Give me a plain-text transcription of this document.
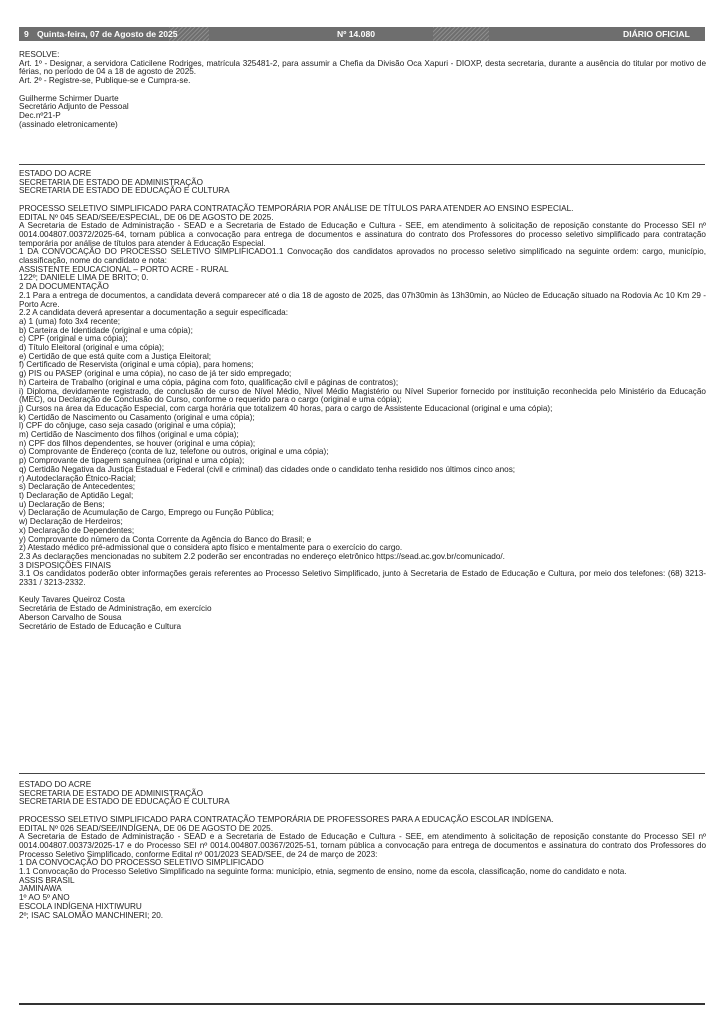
9 Quinta-feira, 07 de Agosto de 2025	Nº 14.080	DIÁRIO OFICIAL

RESOLVE:

Art. 1º - Designar, a servidora Caticilene Rodriges, matrícula 325481-2, para assumir a Chefia da Divisão Oca Xapuri - DIOXP, desta secretaria, durante a ausência do titular por motivo de férias, no período de 04 a 18 de agosto de 2025.

Art. 2º - Registre-se, Publique-se e Cumpra-se.

Guilherme Schirmer Duarte

Secretário Adjunto de Pessoal

Dec.nº21-P

(assinado eletronicamente)

ESTADO DO ACRE

SECRETARIA DE ESTADO DE ADMINISTRAÇÃO

SECRETARIA DE ESTADO DE EDUCAÇÃO E CULTURA

PROCESSO SELETIVO SIMPLIFICADO PARA CONTRATAÇÃO TEMPORÁRIA POR ANÁLISE DE TÍTULOS PARA ATENDER AO ENSINO ESPECIAL.

EDITAL Nº 045 SEAD/SEE/ESPECIAL, DE 06 DE AGOSTO DE 2025.

A Secretaria de Estado de Administração - SEAD e a Secretaria de Estado de Educação e Cultura - SEE, em atendimento à solicitação de reposição constante do Processo SEI nº 0014.004807.00372/2025-64, tornam pública a convocação para entrega de documentos e assinatura do contrato dos Professores do processo seletivo simplificado para contratação temporária por análise de títulos para atender à Educação Especial.

1 DA CONVOCAÇÃO DO PROCESSO SELETIVO SIMPLIFICADO1.1 Convocação dos candidatos aprovados no processo seletivo simplificado na seguinte ordem: cargo, município, classificação, nome do candidato e nota:

ASSISTENTE EDUCACIONAL – PORTO ACRE - RURAL

122º; DANIELE LIMA DE BRITO; 0.

2 DA DOCUMENTAÇÃO

2.1 Para a entrega de documentos, a candidata deverá comparecer até o dia 18 de agosto de 2025, das 07h30min às 13h30min, ao Núcleo de Educação situado na Rodovia Ac 10 Km 29 - Porto Acre.

2.2 A candidata deverá apresentar a documentação a seguir especificada:

a) 1 (uma) foto 3x4 recente;

b) Carteira de Identidade (original e uma cópia);

c) CPF (original e uma cópia);

d) Título Eleitoral (original e uma cópia);

e) Certidão de que está quite com a Justiça Eleitoral;

f) Certificado de Reservista (original e uma cópia), para homens;

g) PIS ou PASEP (original e uma cópia), no caso de já ter sido empregado;

h) Carteira de Trabalho (original e uma cópia, página com foto, qualificação civil e páginas de contratos);

i) Diploma, devidamente registrado, de conclusão de curso de Nível Médio, Nível Médio Magistério ou Nível Superior fornecido por instituição reconhecida pelo Ministério da Educação (MEC), ou Declaração de Conclusão do Curso, conforme o requerido para o cargo (original e uma cópia);

j) Cursos na área da Educação Especial, com carga horária que totalizem 40 horas, para o cargo de Assistente Educacional (original e uma cópia);

k) Certidão de Nascimento ou Casamento (original e uma cópia);

l) CPF do cônjuge, caso seja casado (original e uma cópia);

m) Certidão de Nascimento dos filhos (original e uma cópia);

n) CPF dos filhos dependentes, se houver (original e uma cópia);

o) Comprovante de Endereço (conta de luz, telefone ou outros, original e uma cópia);

p) Comprovante de tipagem sanguínea (original e uma cópia);

q) Certidão Negativa da Justiça Estadual e Federal (civil e criminal) das cidades onde o candidato tenha residido nos últimos cinco anos;

r) Autodeclaração Étnico-Racial;

s) Declaração de Antecedentes;

t) Declaração de Aptidão Legal;

u) Declaração de Bens;

v) Declaração de Acumulação de Cargo, Emprego ou Função Pública;

w) Declaração de Herdeiros;

x) Declaração de Dependentes;

y) Comprovante do número da Conta Corrente da Agência do Banco do Brasil; e

z) Atestado médico pré-admissional que o considera apto físico e mentalmente para o exercício do cargo.

2.3 As declarações mencionadas no subitem 2.2 poderão ser encontradas no endereço eletrônico https://sead.ac.gov.br/comunicado/.

3 DISPOSIÇÕES FINAIS

3.1 Os candidatos poderão obter informações gerais referentes ao Processo Seletivo Simplificado, junto à Secretaria de Estado de Educação e Cultura, por meio dos telefones: (68) 3213-2331 / 3213-2332.

Keuly Tavares Queiroz Costa

Secretária de Estado de Administração, em exercício

Aberson Carvalho de Sousa

Secretário de Estado de Educação e Cultura

ESTADO DO ACRE

SECRETARIA DE ESTADO DE ADMINISTRAÇÃO

SECRETARIA DE ESTADO DE EDUCAÇÃO E CULTURA

PROCESSO SELETIVO SIMPLIFICADO PARA CONTRATAÇÃO TEMPORÁRIA DE PROFESSORES PARA A EDUCAÇÃO ESCOLAR INDÍGENA.

EDITAL Nº 026 SEAD/SEE/INDÍGENA, DE 06 DE AGOSTO DE 2025.

A Secretaria de Estado de Administração - SEAD e a Secretaria de Estado de Educação e Cultura - SEE, em atendimento à solicitação de reposição constante do Processo SEI nº 0014.004807.00373/2025-17 e do Processo SEI nº 0014.004807.00367/2025-51, tornam pública a convocação para entrega de documentos e assinatura do contrato dos Professores do Processo Seletivo Simplificado, conforme Edital nº 001/2023 SEAD/SEE, de 24 de março de 2023:

1 DA CONVOCAÇÃO DO PROCESSO SELETIVO SIMPLIFICADO

1.1 Convocação do Processo Seletivo Simplificado na seguinte forma: município, etnia, segmento de ensino, nome da escola, classificação, nome do candidato e nota.

ASSIS BRASIL

JAMINAWA

1º AO 5º ANO

ESCOLA INDÍGENA HIXTIWURU

2º; ISAC SALOMÃO MANCHINERI; 20.
